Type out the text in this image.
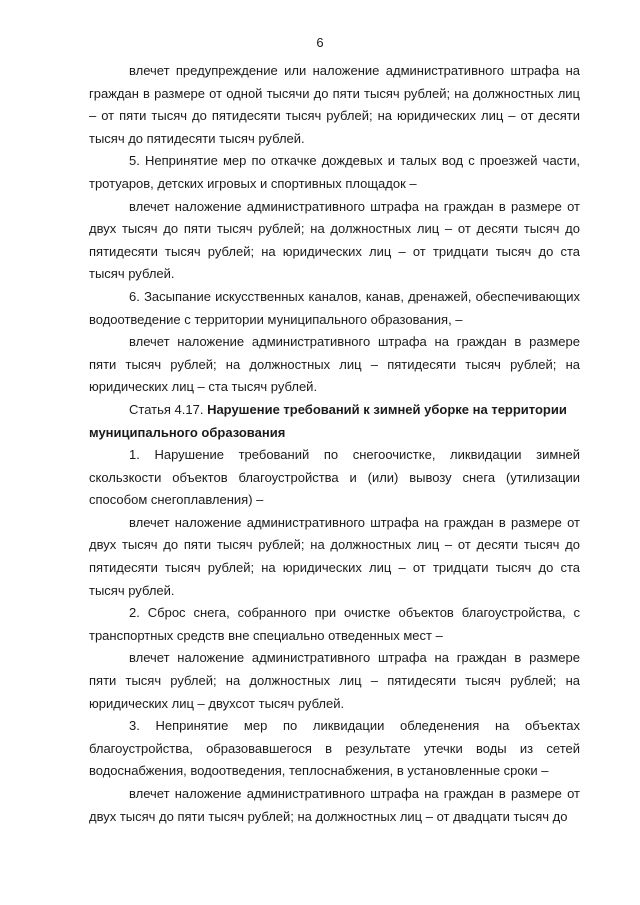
6

влечет предупреждение или наложение административного штрафа на граждан в размере от одной тысячи до пяти тысяч рублей; на должностных лиц – от пяти тысяч до пятидесяти тысяч рублей; на юридических лиц – от десяти тысяч до пятидесяти тысяч рублей.

5. Непринятие мер по откачке дождевых и талых вод с проезжей части, тротуаров, детских игровых и спортивных площадок –

влечет наложение административного штрафа на граждан в размере от двух тысяч до пяти тысяч рублей; на должностных лиц – от десяти тысяч до пятидесяти тысяч рублей; на юридических лиц – от тридцати тысяч до ста тысяч рублей.

6. Засыпание искусственных каналов, канав, дренажей, обеспечивающих водоотведение с территории муниципального образования, –

влечет наложение административного штрафа на граждан в размере пяти тысяч рублей; на должностных лиц – пятидесяти тысяч рублей; на юридических лиц – ста тысяч рублей.

Статья 4.17. Нарушение требований к зимней уборке на территории муниципального образования

1. Нарушение требований по снегоочистке, ликвидации зимней скользкости объектов благоустройства и (или) вывозу снега (утилизации способом снегоплавления) –

влечет наложение административного штрафа на граждан в размере от двух тысяч до пяти тысяч рублей; на должностных лиц – от десяти тысяч до пятидесяти тысяч рублей; на юридических лиц – от тридцати тысяч до ста тысяч рублей.

2. Сброс снега, собранного при очистке объектов благоустройства, с транспортных средств вне специально отведенных мест –

влечет наложение административного штрафа на граждан в размере пяти тысяч рублей; на должностных лиц – пятидесяти тысяч рублей; на юридических лиц – двухсот тысяч рублей.

3. Непринятие мер по ликвидации обледенения на объектах благоустройства, образовавшегося в результате утечки воды из сетей водоснабжения, водоотведения, теплоснабжения, в установленные сроки –

влечет наложение административного штрафа на граждан в размере от двух тысяч до пяти тысяч рублей; на должностных лиц – от двадцати тысяч до
